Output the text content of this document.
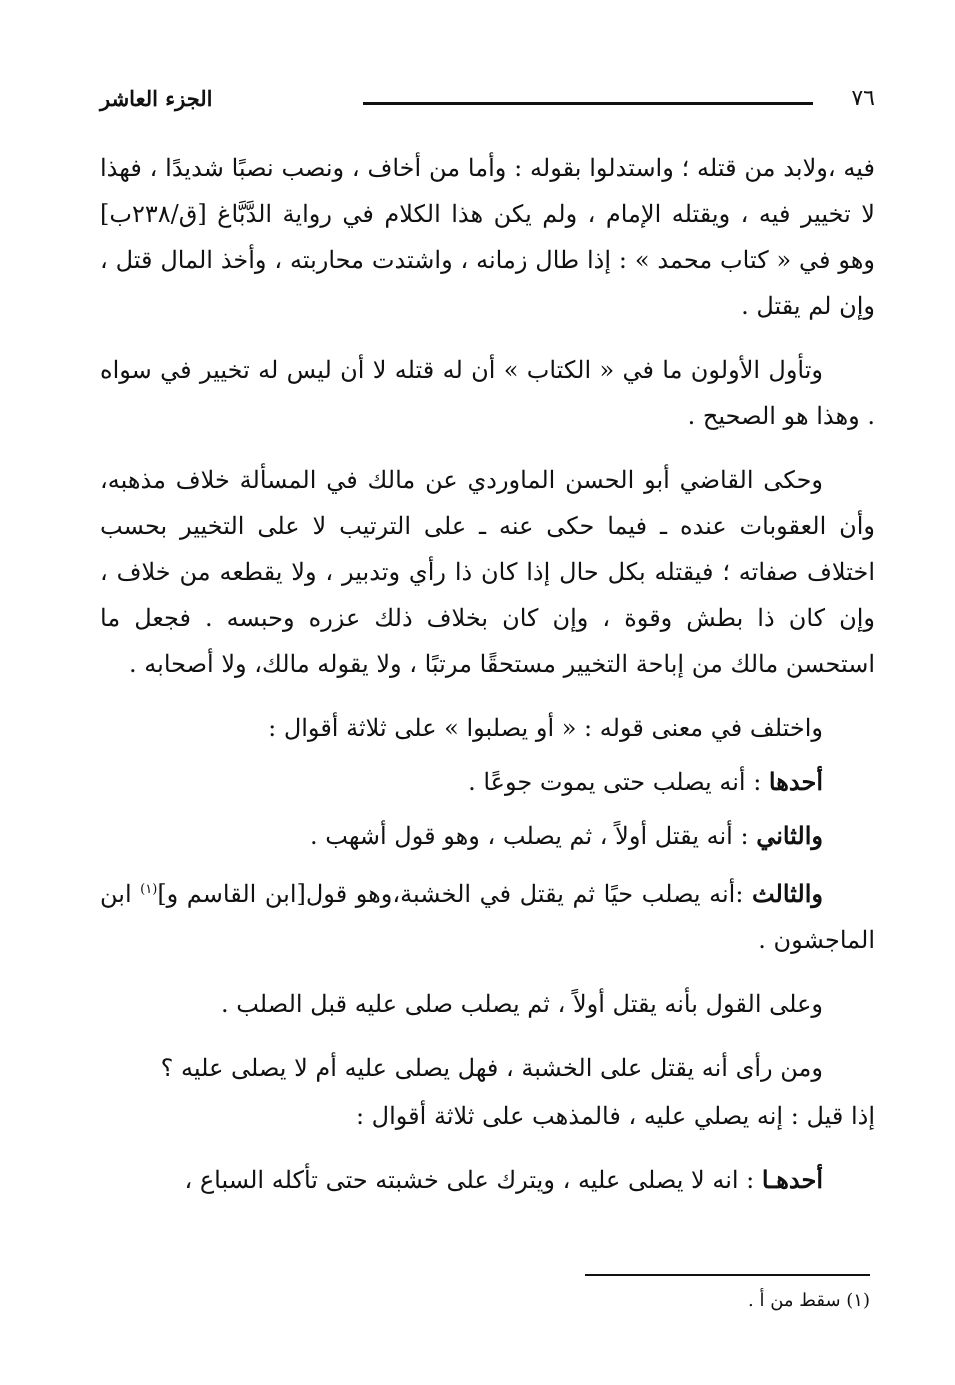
٧٦
الجزء العاشر

فيه ،ولابد من قتله ؛ واستدلوا بقوله : وأما من أخاف ، ونصب نصبًا شديدًا ، فهذا لا تخيير فيه ، ويقتله الإمام ، ولم يكن هذا الكلام في رواية الدَّبَّاغ [ق/٢٣٨ب] وهو في « كتاب محمد » : إذا طال زمانه ، واشتدت محاربته ، وأخذ المال قتل ، وإن لم يقتل .

وتأول الأولون ما في « الكتاب » أن له قتله لا أن ليس له تخيير في سواه . وهذا هو الصحيح .

وحكى القاضي أبو الحسن الماوردي عن مالك في المسألة خلاف مذهبه، وأن العقوبات عنده ـ فيما حكى عنه ـ على الترتيب لا على التخيير بحسب اختلاف صفاته ؛ فيقتله بكل حال إذا كان ذا رأي وتدبير ، ولا يقطعه من خلاف ، وإن كان ذا بطش وقوة ، وإن كان بخلاف ذلك عزره وحبسه . فجعل ما استحسن مالك من إباحة التخيير مستحقًا مرتبًا ، ولا يقوله مالك، ولا أصحابه .

واختلف في معنى قوله : « أو يصلبوا » على ثلاثة أقوال :

أحدها : أنه يصلب حتى يموت جوعًا .

والثاني : أنه يقتل أولاً ، ثم يصلب ، وهو قول أشهب .

والثالث :أنه يصلب حيًا ثم يقتل في الخشبة،وهو قول[ابن القاسم و]$^{(١)}$ ابن الماجشون .

وعلى القول بأنه يقتل أولاً ، ثم يصلب صلى عليه قبل الصلب .

ومن رأى أنه يقتل على الخشبة ، فهل يصلى عليه أم لا يصلى عليه ؟

إذا قيل : إنه يصلي عليه ، فالمذهب على ثلاثة أقوال :

أحدهـا : انه لا يصلى عليه ، ويترك على خشبته حتى تأكله السباع ،

(١) سقط من أ .
